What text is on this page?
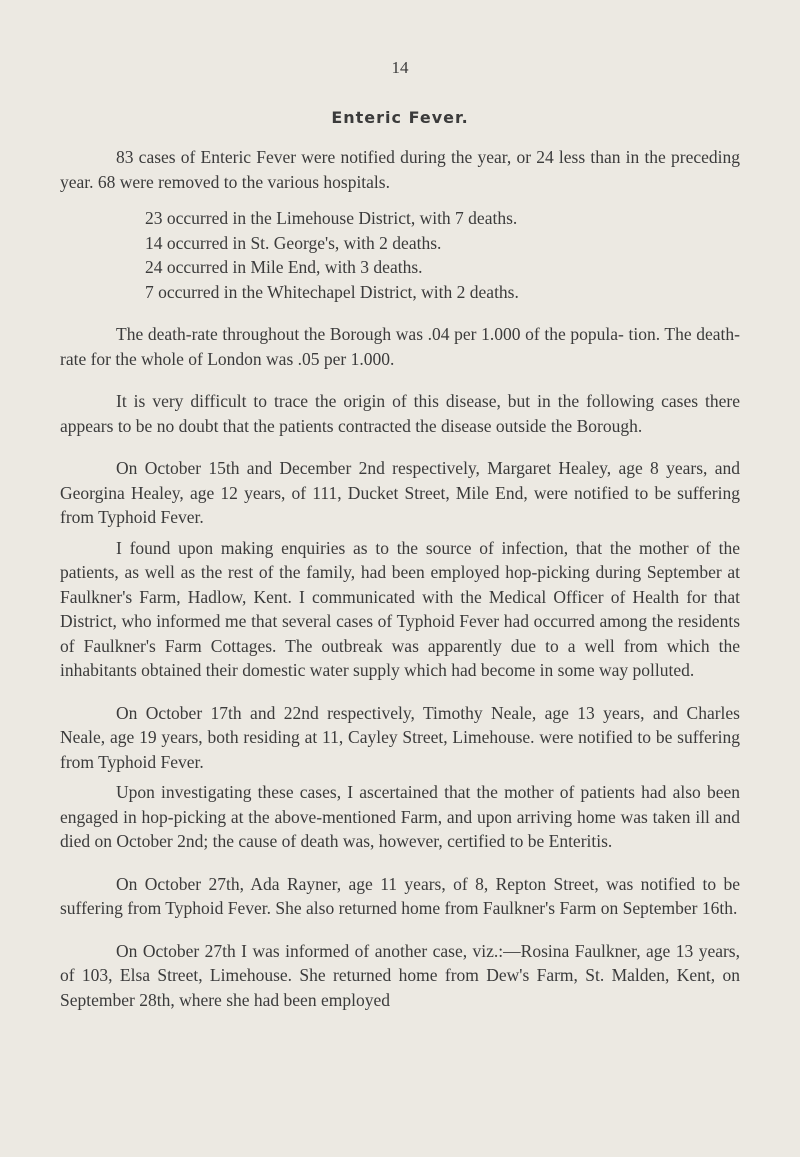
14
Enteric Fever.

83 cases of Enteric Fever were notified during the year, or 24 less than in the preceding year. 68 were removed to the various hospitals.

23 occurred in the Limehouse District, with 7 deaths.
14 occurred in St. George's, with 2 deaths.
24 occurred in Mile End, with 3 deaths.
7 occurred in the Whitechapel District, with 2 deaths.

The death-rate throughout the Borough was .04 per 1.000 of the popula- tion. The death-rate for the whole of London was .05 per 1.000.

It is very difficult to trace the origin of this disease, but in the following cases there appears to be no doubt that the patients contracted the disease outside the Borough.

On October 15th and December 2nd respectively, Margaret Healey, age 8 years, and Georgina Healey, age 12 years, of 111, Ducket Street, Mile End, were notified to be suffering from Typhoid Fever.

I found upon making enquiries as to the source of infection, that the mother of the patients, as well as the rest of the family, had been employed hop-picking during September at Faulkner's Farm, Hadlow, Kent. I communicated with the Medical Officer of Health for that District, who informed me that several cases of Typhoid Fever had occurred among the residents of Faulkner's Farm Cottages. The outbreak was apparently due to a well from which the inhabitants obtained their domestic water supply which had become in some way polluted.

On October 17th and 22nd respectively, Timothy Neale, age 13 years, and Charles Neale, age 19 years, both residing at 11, Cayley Street, Limehouse. were notified to be suffering from Typhoid Fever.

Upon investigating these cases, I ascertained that the mother of patients had also been engaged in hop-picking at the above-mentioned Farm, and upon arriving home was taken ill and died on October 2nd; the cause of death was, however, certified to be Enteritis.

On October 27th, Ada Rayner, age 11 years, of 8, Repton Street, was notified to be suffering from Typhoid Fever. She also returned home from Faulkner's Farm on September 16th.

On October 27th I was informed of another case, viz.:—Rosina Faulkner, age 13 years, of 103, Elsa Street, Limehouse. She returned home from Dew's Farm, St. Malden, Kent, on September 28th, where she had been employed
